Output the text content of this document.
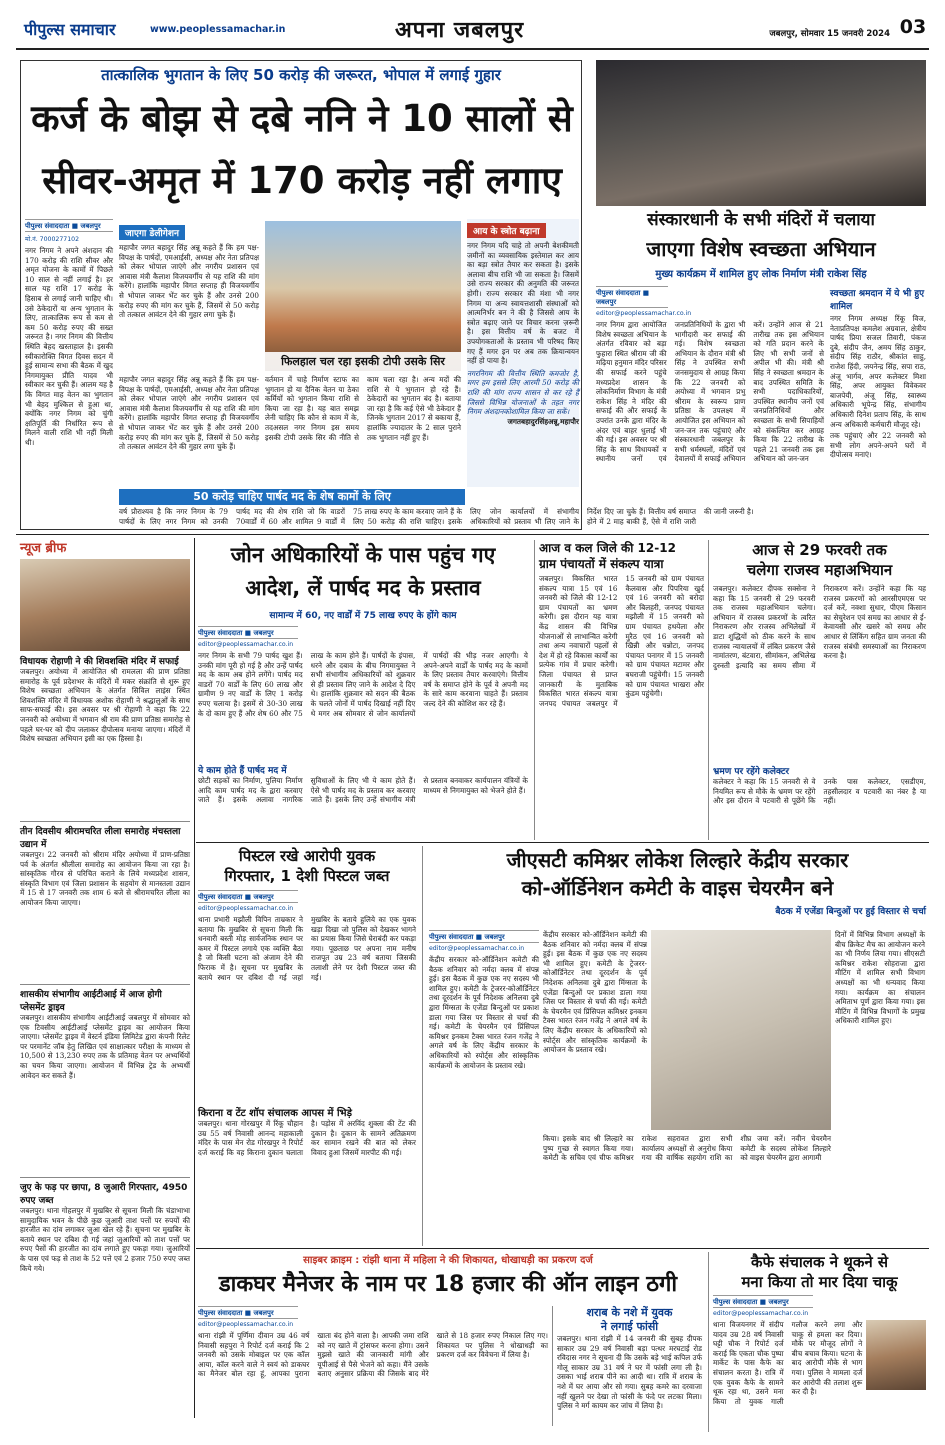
पीपुल्स समाचार	www.peoplessamachar.in	अपना जबलपुर	जबलपुर, सोमवार 15 जनवरी 2024 03
तात्कालिक भुगतान के लिए 50 करोड़ की जरूरत, भोपाल में लगाई गुहार
कर्ज के बोझ से दबे ननि ने 10 सालों से
सीवर-अमृत में 170 करोड़ नहीं लगाए
पीपुल्स संवाददाता ■ जबलपुर
मो.नं. 7000277102
नगर निगम ने अपने अंशदान की 170 करोड़ की राशि सीवर और अमृत योजना के कामों में पिछले 10 साल से नहीं लगाई है। हर साल यह राशि 17 करोड़ के हिसाब से लगाई जानी चाहिए थी। उसे ठेकेदारों या अन्य भुगतान के लिए, तात्कालिक रूप से कम से कम 50 करोड़ रुपए की सख्त जरूरत है। नगर निगम की वित्तीय स्थिति बेहद खस्ताहाल है। इसकी स्वीकारोक्ति विगत दिवस सदन में हुई सामान्य सभा की बैठक में खुद निगमायुक्त प्रीति यादव भी स्वीकार कर चुकी हैं। आलम यह है कि विगत माह वेतन का भुगतान भी बेहद मुश्किल से हुआ था, क्योंकि नगर निगम को चुंगी क्षतिपूर्ति की निर्धारित रूप से मिलने वाली राशि भी नहीं मिली थी।
जाएगा डेलीगेशन
महापौर जगत बहादुर सिंह अन्नू कहते हैं कि हम पक्ष-विपक्ष के पार्षदों, एमआईसी, अध्यक्ष और नेता प्रतिपक्ष को लेकर भोपाल जाएंगे और नगरीय प्रशासन एवं आवास मंत्री कैलाश विजयवर्गीय से यह राशि की मांग करेंगे। हालांकि महापौर विगत सप्ताह ही विजयवर्गीय से भोपाल जाकर भेंट कर चुके हैं और उनसे 200 करोड़ रुपए की मांग कर चुके हैं, जिसमें से 50 करोड़ तो तत्काल आवंटन देने की गुहार लगा चुके हैं।
फिलहाल चल रहा इसकी टोपी उसके सिर
वर्तमान में चाहे निर्माण स्टाफ का भुगतान हो या दैनिक वेतन या ठेका कर्मियों को भुगतान किया राशि से किया जा रहा है। यह बात समझ लेनी चाहिए कि कौन से काम में के, तदअसल नगर निगम इस समय इसकी टोपी उसके सिर की नीति से काम चला रहा है। अन्य मदों की राशि से ये भुगतान हो रहे हैं। ठेकेदारों का भुगतान बंद है। बताया जा रहा है कि कई ऐसे भी ठेकेदार हैं जिनके भुगतान 2017 से बकाया हैं, हालांकि ज्यादातर के 2 साल पुराने तक भुगतान नहीं हुए हैं।
महापौर जगत बहादुर सिंह अन्नू कहते हैं कि हम पक्ष-विपक्ष के पार्षदों, एमआईसी, अध्यक्ष और नेता प्रतिपक्ष को लेकर भोपाल जाएंगे और नगरीय प्रशासन एवं आवास मंत्री कैलाश विजयवर्गीय से यह राशि की मांग करेंगे। हालांकि महापौर विगत सप्ताह ही विजयवर्गीय से भोपाल जाकर भेंट कर चुके हैं और उनसे 200 करोड़ रुपए की मांग कर चुके हैं, जिसमें से 50 करोड़ तो तत्काल आवंटन देने की गुहार लगा चुके हैं।
आय के स्त्रोत बढ़ाना
नगर निगम यदि चाहे तो अपनी बेशकीमती जमीनों का व्यवसायिक इस्तेमाल कर आय का बड़ा स्त्रोत तैयार कर सकता है। इसके अलावा बीच राशि भी जा सकता है। जिसमें उसे राज्य सरकार की अनुमति की जरूरत होगी। राज्य सरकार की मंशा भी नगर निगम या अन्य स्वायत्तशासी संस्थाओं को आत्मनिर्भर बन ने की है जिससे आय के स्त्रोत बढ़ाए जाने पर विचार करना ज़रूरी है। इस वित्तीय वर्ष के बजट में उपयोगकताओं के प्रस्ताव भी परिषद किए गए हैं मगर इन पर अब तक क्रियान्वयन नहीं हो पाया है।
नगरनिगम की वित्तीय स्थिति कमजोर है, मगर हम इससे लिए आरमी 50 करोड़ की राशि की मांग राज्य शासन से कर रहे हैं जिससे विभिन्न योजनाओं के तहत नगर निगम अंशदानकोशामिल किया जा सकें।
जगतबहादुरसिंहअन्नू,महापौर
50 करोड़ चाहिए पार्षद मद के शेष कामों के लिए
वर्ष प्रौराश्यव है कि नगर निगम के 79 पार्षदों के लिए नगर निगम को उनकी पार्षद मद की शेष राशि जो कि वाडरों 70वार्डों में 60 और शामिल 9 वार्डों में 75 लाख रुपए के काम करवाए जाने हैं के लिए 50 करोड़ की राशि चाहिए। इसके लिए जोन कार्यालयों में संभागीय अधिकारियों को प्रस्ताव भी लिए जाने के निर्देश दिए जा चुके हैं। वित्तीय वर्ष समाप्त होने में 2 माह बाकी हैं, ऐसे में राशि जारी की जानी जरूरी है।
संस्कारधानी के सभी मंदिरों में चलाया
जाएगा विशेष स्वच्छता अभियान
मुख्य कार्यक्रम में शामिल हुए लोक निर्माण मंत्री राकेश सिंह
पीपुल्स संवाददाता ■ जबलपुर
editor@peoplessamachar.co.in
नगर निगम द्वारा आयोजित विशेष स्वच्छता अभियान के अंतर्गत रविवार को बड़ा फुहारा स्थित श्रीराम जी की मढ़िया हनुमान मंदिर परिसर की सफाई करने पहुंचे मध्यप्रदेश शासन के लोकनिर्माण विभाग के मंत्री राकेश सिंह ने मंदिर की सफाई की और सफाई के उपरांत उनके द्वारा मंदिर के अंदर एवं बाहर धुलाई भी की गई। इस अवसर पर श्री सिंह के साथ विधायकों व स्थानीय जनों एवं जनप्रतिनिधियों के द्वारा भी भागीदारी कर सफाई की गई। विशेष स्वच्छता अभियान के दौरान मंत्री श्री सिंह ने उपस्थित सभी जनसमुदाय से आग्रह किया कि 22 जनवरी को अयोध्या में भगवान प्रभु श्रीराम के स्वरूप प्राण प्रतिष्ठा के उपलक्ष्य में आयोजित इस अभियान को जन-जन तक पहुंचाएं और संस्कारधानी जबलपुर के सभी धर्मस्थलों, मंदिरों एवं देवालयों में सफाई अभियान करें। उन्होंने आज से 21 तारीख तक इस अभियान को गति प्रदान करने के लिए भी सभी जनों से अपील भी की। मंत्री श्री सिंह ने स्वच्छता श्रमदान के बाद उपस्थित समिति के सभी पदाधिकारियों, उपस्थित स्थानीय जनों एवं जनप्रतिनिधियों और स्वच्छता के सभी सिपाहियों को संकल्पित कर आग्रह किया कि 22 तारीख के पहले 21 जनवरी तक इस अभियान को जन-जन
स्वच्छता श्रमदान में ये भी हुए शामिल
नगर निगम अध्यक्ष रिंकू विज, नेताप्रतिपक्ष कमलेश अग्रवाल, क्षेत्रीय पार्षद प्रिया सजल तिवारी, पंकज दुबे, संदीप जैन, अमय सिंह ठाकुर, संदीप सिंह राठौर, श्रीकांत साहु, राजेश हिंदी, जयनेन्द्र सिंह, सपा राठ, अंजू भार्गव, अपर कलेक्टर मिशा सिंह, अपर आयुक्त विवेकवर बाजपेयी, अंजू सिंह, स्वास्थ्य अधिकारी भूपेन्द्र सिंह, संभागीय अधिकारी दिनेश प्रताप सिंह, के साथ अन्य अधिकारी कर्मचारी मौजूद रहे।
तक पहुंचाएं और 22 जनवरी को सभी लोग अपने-अपने घरों में दीपोत्सव मनाएं।
न्यूज ब्रीफ
विधायक रोहाणी ने की शिवशक्ति मंदिर में सफाई
जबलपुर। अयोध्या में आयोजित श्री रामलला की प्राण प्रतिष्ठा समारोह के पूर्व प्रदेशभर के मंदिरों में मकर संक्रांति से शुरू हुए विशेष स्वच्छता अभियान के अंतर्गत सिविल लाइंस स्थित शिवशक्ति मंदिर में विधायक अशोक रोहाणी ने श्रद्धालुओं के साथ साफ-सफाई की। इस अवसर पर श्री रोहाणी ने कहा कि 22 जनवरी को अयोध्या में भगवान श्री राम की प्राण प्रतिष्ठा समारोह से पहले घर-घर को दीप जलाकर दीपोत्सव मनाया जाएगा। मंदिरों में विशेष स्वच्छता अभियान इसी का एक हिस्सा है।
तीन दिवसीय श्रीरामचरित लीला समारोह मंचस्तला उद्यान में
जबलपुर। 22 जनवरी को श्रीराम मंदिर अयोध्या में प्राण-प्रतिष्ठा पर्व के अंतर्गत श्रीलीला समारोह का आयोजन किया जा रहा है। सांस्कृतिक गौरव से परिचित कराने के लिये मध्यप्रदेश शासन, संस्कृति विभाग एवं जिला प्रशासन के सहयोग से मानस्तला उद्यान में 15 से 17 जनवरी तक शाम 6 बजे से श्रीरामचरित लीला का आयोजन किया जाएगा।
शासकीय संभागीय आईटीआई में आज होगी प्लेसमेंट ड्राइव
जबलपुर। शासकीय संभागीय आईटीआई जबलपुर में सोमवार को एक टिवसीय आईटीआई प्लेसमेंट ड्राइव का आयोजन किया जाएगा। प्लेसमेंट ड्राइव में वेस्टर्न इंडिया लिमिटेड द्वारा कंपनी रिलेट पर परमानेंट जॉब हेतु लिखित एवं साक्षात्कार परीक्षा के माध्यम से 10,500 से 13,230 रुपए तक के प्रतिमाह वेतन पर अभ्यर्थियों का चयन किया जाएगा। आयोजन में विभिन्न ट्रेड के अभ्यर्थी आवेदन कर सकते हैं।
जुए के फड़ पर छापा, 8 जुआरी गिरफ्तार, 4950 रुपए जब्त
जबलपुर। थाना गोहलपुर में मुखबिर से सूचना मिली कि चंडाभाभा सामुदायिक भवन के पीछे कुछ जुआरी ताश पत्तों पर रुपयों की हारजीत का दांव लगाकर जुआ खेल रहे हैं। सूचना पर मुखबिर के बताये स्थान पर दबिश दी गई जहां जुआरियों को ताश पत्तों पर रुपए पैसों की हारजीत का दांव लगाते हुए पकड़ा गया। जुआरियों के पास एवं फड़ से ताश के 52 पत्ते एवं 2 हजार 750 रुपए जब्त किये गये।
जोन अधिकारियों के पास पहुंच गए
आदेश, लें पार्षद मद के प्रस्ताव
सामान्य में 60, नए वार्डों में 75 लाख रुपए के होंगे काम
पीपुल्स संवाददाता ■ जबलपुर
editor@peoplessamachar.co.in
नगर निगम के सभी 79 पार्षद खुश हैं। उनकी मांग पूरी हो गई है और उन्हें पार्षद मद के काम अब होने लगेंगे। पार्षद मद वाडरों 70 वार्डों के लिए 60 लाख और ग्रामीण 9 नए वार्डों के लिए 1 करोड़ रुपए चलाया है। इसमें से 30-30 लाख के दो काम हुए हैं और शेष 60 और 75 लाख के काम होने हैं। पार्षदों के इंपास, धरने और दबाव के बीच निगमायुक्त ने सभी संभागीय अधिकारियों को शुक्रवार से ही प्रस्ताव लिए जाने के आदेश दे दिए थे। हालांकि शुक्रवार को सदन की बैठक के चलते जोनों में पार्षद दिखाई नहीं दिए थे मगर अब सोमवार से जोन कार्यालयों में पार्षदों की भीड़ नजर आएगी। ये अपने-अपने वार्डों के पार्षद मद के कामों के लिए प्रस्ताव तैयार करवाएंगे। वित्तीय वर्ष के समाप्त होने के पूर्व वे अपनी मद के सारे काम करवाना चाहते हैं। प्रस्ताव जल्द देने की कोशिश कर रहे हैं।
ये काम होते हैं पार्षद मद में
छोटी सड़कों का निर्माण, पुलिया निर्माण आदि काम पार्षद मद के द्वारा करवाए जाते हैं। इसके अलावा नागरिक सुविधाओं के लिए भी ये काम होते हैं। ऐसे भी पार्षद मद के प्रस्ताव कर करवाए जाते हैं। इसके लिए उन्हें संभागीय मंत्री से प्रस्ताव बनवाकर कार्यपालन यंत्रियों के माध्यम से निगमायुक्त को भेजने होते हैं।
आज व कल जिले की 12-12
ग्राम पंचायतों में संकल्प यात्रा
जबलपुर। विकसित भारत संकल्प यात्रा 15 एवं 16 जनवरी को जिले की 12-12 ग्राम पंचायतों का भ्रमण करेगी। इस दौरान यह यात्रा केंद्र शासन की विभिन्न योजनाओं से लाभान्वित करेगी तथा अन्य नवाचारों पहलों से देश में हो रहे विकास कार्यों का प्रत्येक गांव में प्रचार करेगी। जिला पंचायत से प्राप्त जानकारी के मुताबिक विकसित भारत संकल्प यात्रा जनपद पंचायत जबलपुर में 15 जनवरी को ग्राम पंचायत कैलवास और पिपरिया खुर्द एवं 16 जनवरी को बरोदा और बिलहरी, जनपद पंचायत मझौली में 15 जनवरी को ग्राम पंचायत हथयेला और मुरैठ एवं 16 जनवरी को खिन्नी और चन्नोटा, जनपद पंचायत पनागर में 15 जनवरी को ग्राम पंचायत मटामर और बघराजी पहुंचेगी। 15 जनवरी को ग्राम पंचायत भाखरा और कुंडम पहुंचेगी।
आज से 29 फरवरी तक
चलेगा राजस्व महाअभियान
जबलपुर। कलेक्टर दीपक सक्सेना ने कहा कि 15 जनवरी से 29 फरवरी तक राजस्व महाअभियान चलेगा। अभियान में राजस्व प्रकरणों के त्वरित निराकरण और राजस्व अभिलेखों में डाटा शुद्धियों को ठीक करने के साथ राजस्व न्यायालयों में लंबित प्रकरण जैसे नामांतरण, बंटवारा, सीमांकन, अभिलेख दुरुस्ती इत्यादि का समय सीमा में निराकरण करें। उन्होंने कहा कि यह राजस्व प्रकरणों को आरसीएमएस पर दर्ज करें, नक्शा सुधार, पीएम किसान का सेचुरेशन एवं समग्र का आधार से ई-केवायसी और खसरे को समग्र और आधार से लिंकिंग सहित ग्राम जनता की राजस्व संबंधी समस्याओं का निराकरण करना है।
भ्रमण पर रहेंगे कलेक्टर
कलेक्टर ने कहा कि 15 जनवरी से वे नियमित रूप से मौके के भ्रमण पर रहेंगे और इस दौरान वे पटवारी से पूछेंगे कि उनके पास कलेक्टर, एसडीएम, तहसीलदार व पटवारी का नंबर है या नहीं।
पिस्टल रखे आरोपी युवक
गिरफ्तार, 1 देशी पिस्टल जब्त
पीपुल्स संवाददाता ■ जबलपुर
editor@peoplessamachar.co.in
थाना प्रभारी मझौली विपिन ताम्रकार ने बताया कि मुखबिर से सूचना मिली कि धनवारी बस्ती मोड़ सार्वजनिक स्थान पर कमर में पिस्टल लगाये एक व्यक्ति बैठा है जो किसी घटना को अंजाम देने की फिराक में है। सूचना पर मुखबिर के बताये स्थान पर दबिश दी गई जहां मुखबिर के बताये हुलिये का एक युवक खड़ा दिखा जो पुलिस को देखकर भागने का प्रयास किया जिसे घेराबंदी कर पकड़ा गया। पूछताछ पर अपना नाम मनीष राजपूत उम्र 23 वर्ष बताया जिसकी तलाशी लेने पर देशी पिस्टल जब्त की गई।
किराना व टेंट शॉप संचालक आपस में भिड़े
जबलपुर। थाना गोरखपुर में रिंकू चौहान उम्र 55 वर्ष निवासी आनन्द महाकाली मंदिर के पास मेन रोड गोरखपुर ने रिपोर्ट दर्ज कराई कि वह किराना दुकान चलाता है। पड़ोस में अरविंद शुक्ला की टेंट की दुकान है। दुकान के सामने अतिक्रमण कर सामान रखने की बात को लेकर विवाद हुआ जिसमें मारपीट की गई।
जीएसटी कमिश्नर लोकेश लिल्हारे केंद्रीय सरकार
को-ऑर्डिनेशन कमेटी के वाइस चेयरमैन बने
बैठक में एजेंडा बिन्दुओं पर हुई विस्तार से चर्चा
पीपुल्स संवाददाता ■ जबलपुर
editor@peoplessamachar.co.in
केंद्रीय सरकार को-ऑर्डिनेशन कमेटी की बैठक शनिवार को नर्मदा क्लब में संपन्न हुई। इस बैठक में कुछ एक नए सदस्य भी शामिल हुए। कमेटी के ट्रेजरर-कोऑर्डिनेटर तथा दूरदर्शन के पूर्व निदेशक अनिलवा दुबे द्वारा मिंग्सता के एजेंडा बिन्दुओं पर प्रकाश डाला गया जिस पर विस्तार से चर्चा की गई। कमेटी के चेयरमैन एवं प्रिंसिपल कमिश्नर इनकम टैक्स भारत रंजन गजेंद्र ने अगले वर्ष के लिए केंद्रीय सरकार के अधिकारियों को स्पोर्ट्स और सांस्कृतिक कार्यक्रमों के आयोजन के प्रस्ताव रखे।
केंद्रीय सरकार को-ऑर्डिनेशन कमेटी की बैठक शनिवार को नर्मदा क्लब में संपन्न हुई। इस बैठक में कुछ एक नए सदस्य भी शामिल हुए। कमेटी के ट्रेजरर-कोऑर्डिनेटर तथा दूरदर्शन के पूर्व निदेशक अनिलवा दुबे द्वारा मिंग्सता के एजेंडा बिन्दुओं पर प्रकाश डाला गया जिस पर विस्तार से चर्चा की गई। कमेटी के चेयरमैन एवं प्रिंसिपल कमिश्नर इनकम टैक्स भारत रंजन गजेंद्र ने अगले वर्ष के लिए केंद्रीय सरकार के अधिकारियों को स्पोर्ट्स और सांस्कृतिक कार्यक्रमों के आयोजन के प्रस्ताव रखे।
दिनों में विभिन्न विभाग अध्यक्षों के बीच क्रिकेट मैच का आयोजन करने का भी निर्णय लिया गया। सीएसटी कमिश्नर राकेश सोहराजा द्वारा मीटिंग में शामिल सभी विभाग अध्यक्षों का भी धन्यवाद किया गया। कार्यक्रम का संचालन अमिताभ पूर्ण द्वारा किया गया। इस मीटिंग में विभिन्न विभागों के प्रमुख अधिकारी शामिल हुए।
किया। इसके बाद श्री लिल्हारे का पुष्प गुच्छ से स्वागत किया गया। कमेटी के सचिव एवं चीफ कमिश्नर राकेश सहरावत द्वारा सभी कार्यालय अध्यक्षों से अनुरोध किया गया की वार्षिक सहयोग राशि का शीघ्र जमा करें। नवीन चेयरमैन कमेटी के सदस्य लोकेश लिल्हारे को वाइस चेयरमैन द्वारा आगामी
साइबर क्राइम : रांझी थाना में महिला ने की शिकायत, धोखाधड़ी का प्रकरण दर्ज
डाकघर मैनेजर के नाम पर 18 हजार की ऑन लाइन ठगी
पीपुल्स संवाददाता ■ जबलपुर
editor@peoplessamachar.co.in
थाना रांझी में पूर्णिमा दीवान उम्र 46 वर्ष निवासी सहपुरा ने रिपोर्ट दर्ज कराई कि 2 जनवरी को उसके मोबाइल पर एक कॉल आया, कॉल करने वाले ने स्वयं को डाकघर का मैनेजर बोल रहा हूं, आपका पुराना खाता बंद होने वाला है। आपकी जमा राशि को नए खाते में ट्रांसफर करना होगा। उसने मुझसे खाते की जानकारी मांगी और यूपीआई से पैसे भेजने को कहा। मैंने उसके बताए अनुसार प्रक्रिया की जिसके बाद मेरे खाते से 18 हजार रुपए निकाल लिए गए। शिकायत पर पुलिस ने धोखाधड़ी का प्रकरण दर्ज कर विवेचना में लिया है।
शराब के नशे में युवक
ने लगाई फांसी
जबलपुर। थाना रांझी में 14 जनवरी की सुबह दीपक साकार उम्र 29 वर्ष निवासी बड़ा पत्थर मरघटाई रोड रविदास नगर ने सूचना दी कि उसके बड़े भाई कपिल उर्फ गोलू साकार उम्र 31 वर्ष ने घर में फांसी लगा ली है। उसका भाई शराब पीने का आदी था। रात्रि में शराब के नशे में घर आया और सो गया। सुबह कमरे का दरवाजा नहीं खुलने पर देखा तो फांसी के फंदे पर लटका मिला। पुलिस ने मर्ग कायम कर जांच में लिया है।
कैफे संचालक ने थूकने से
मना किया तो मार दिया चाकू
पीपुल्स संवाददाता ■ जबलपुर
editor@peoplessamachar.co.in
थाना विजयनगर में संदीप यादव उम्र 28 वर्ष निवासी घट्टी चौक ने रिपोर्ट दर्ज कराई कि एकता चौक पुष्पा मार्केट के पास कैफे का संचालन करता है। रात्रि में एक युवक कैफे के सामने थूक रहा था, उसने मना किया तो युवक गाली गलौज करने लगा और चाकू से हमला कर दिया। मौके पर मौजूद लोगों ने बीच बचाव किया। घटना के बाद आरोपी मौके से भाग गया। पुलिस ने मामला दर्ज कर आरोपी की तलाश शुरू कर दी है।
